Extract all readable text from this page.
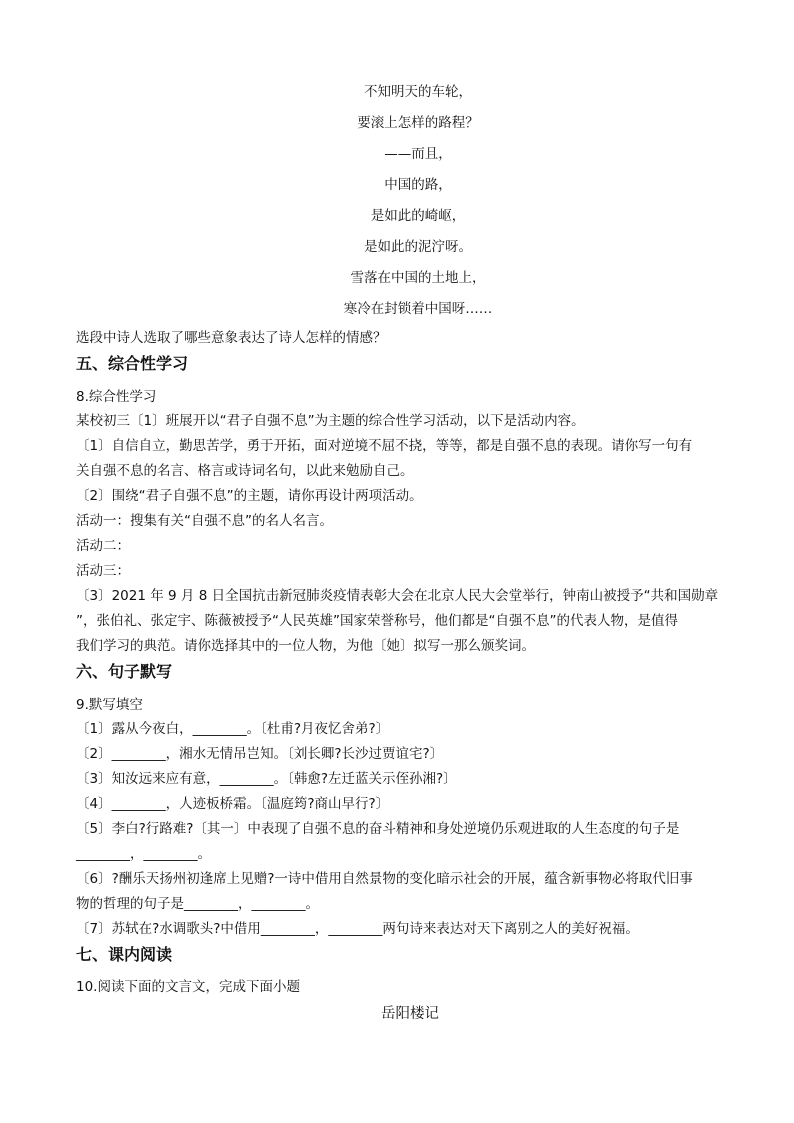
不知明天的车轮，
要滚上怎样的路程？
——而且，
中国的路，
是如此的崎岖，
是如此的泥泞呀。
雪落在中国的土地上，
寒冷在封锁着中国呀……
选段中诗人选取了哪些意象表达了诗人怎样的情感？
五、综合性学习
8.综合性学习
某校初三〔1〕班展开以“君子自强不息”为主题的综合性学习活动，以下是活动内容。
〔1〕自信自立，勤思苦学，勇于开拓，面对逆境不屈不挠，等等，都是自强不息的表现。请你写一句有
关自强不息的名言、格言或诗词名句，以此来勉励自己。
〔2〕围绕“君子自强不息”的主题，请你再设计两项活动。
活动一：搜集有关“自强不息”的名人名言。
活动二：
活动三：
〔3〕2021 年 9 月 8 日全国抗击新冠肺炎疫情表彰大会在北京人民大会堂举行，钟南山被授予“共和国勋章
”，张伯礼、张定宇、陈薇被授予“人民英雄”国家荣誉称号，他们都是“自强不息”的代表人物，是值得
我们学习的典范。请你选择其中的一位人物，为他〔她〕拟写一那么颁奖词。
六、句子默写
9.默写填空
〔1〕露从今夜白，________。〔杜甫?月夜忆舍弟?〕
〔2〕________，湘水无情吊岂知。〔刘长卿?长沙过贾谊宅?〕
〔3〕知汝远来应有意，________。〔韩愈?左迁蓝关示侄孙湘?〕
〔4〕________，人迹板桥霜。〔温庭筠?商山早行?〕
〔5〕李白?行路难?〔其一〕中表现了自强不息的奋斗精神和身处逆境仍乐观进取的人生态度的句子是
________，________。
〔6〕?酬乐天扬州初逢席上见赠?一诗中借用自然景物的变化暗示社会的开展，蕴含新事物必将取代旧事
物的哲理的句子是________，________。
〔7〕苏轼在?水调歌头?中借用________，________两句诗来表达对天下离别之人的美好祝福。
七、课内阅读
10.阅读下面的文言文，完成下面小题
岳阳楼记
